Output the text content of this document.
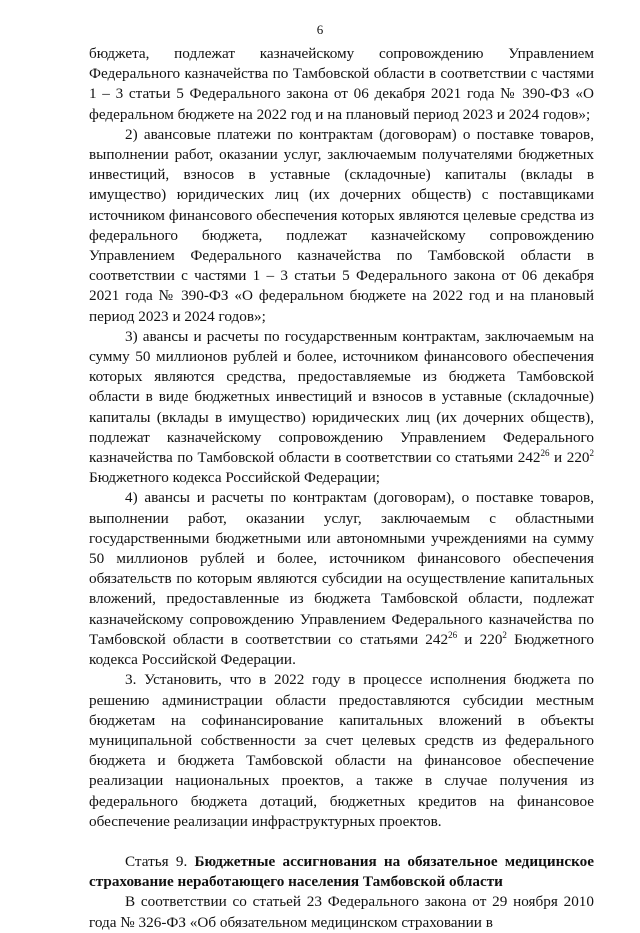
6

бюджета, подлежат казначейскому сопровождению Управлением Федерального казначейства по Тамбовской области в соответствии с частями 1 – 3 статьи 5 Федерального закона от 06 декабря 2021 года № 390-ФЗ «О федеральном бюджете на 2022 год и на плановый период 2023 и 2024 годов»;

2) авансовые платежи по контрактам (договорам) о поставке товаров, выполнении работ, оказании услуг, заключаемым получателями бюджетных инвестиций, взносов в уставные (складочные) капиталы (вклады в имущество) юридических лиц (их дочерних обществ) с поставщиками источником финансового обеспечения которых являются целевые средства из федерального бюджета, подлежат казначейскому сопровождению Управлением Федерального казначейства по Тамбовской области в соответствии с частями 1 – 3 статьи 5 Федерального закона от 06 декабря 2021 года № 390-ФЗ «О федеральном бюджете на 2022 год и на плановый период 2023 и 2024 годов»;

3) авансы и расчеты по государственным контрактам, заключаемым на сумму 50 миллионов рублей и более, источником финансового обеспечения которых являются средства, предоставляемые из бюджета Тамбовской области в виде бюджетных инвестиций и взносов в уставные (складочные) капиталы (вклады в имущество) юридических лиц (их дочерних обществ), подлежат казначейскому сопровождению Управлением Федерального казначейства по Тамбовской области в соответствии со статьями $242^{26}$ и $220^2$ Бюджетного кодекса Российской Федерации;

4) авансы и расчеты по контрактам (договорам), о поставке товаров, выполнении работ, оказании услуг, заключаемым с областными государственными бюджетными или автономными учреждениями на сумму 50 миллионов рублей и более, источником финансового обеспечения обязательств по которым являются субсидии на осуществление капитальных вложений, предоставленные из бюджета Тамбовской области, подлежат казначейскому сопровождению Управлением Федерального казначейства по Тамбовской области в соответствии со статьями $242^{26}$ и $220^2$ Бюджетного кодекса Российской Федерации.

3. Установить, что в 2022 году в процессе исполнения бюджета по решению администрации области предоставляются субсидии местным бюджетам на софинансирование капитальных вложений в объекты муниципальной собственности за счет целевых средств из федерального бюджета и бюджета Тамбовской области на финансовое обеспечение реализации национальных проектов, а также в случае получения из федерального бюджета дотаций, бюджетных кредитов на финансовое обеспечение реализации инфраструктурных проектов.

Статья 9. Бюджетные ассигнования на обязательное медицинское страхование неработающего населения Тамбовской области

В соответствии со статьей 23 Федерального закона от 29 ноября 2010 года № 326-ФЗ «Об обязательном медицинском страховании в
